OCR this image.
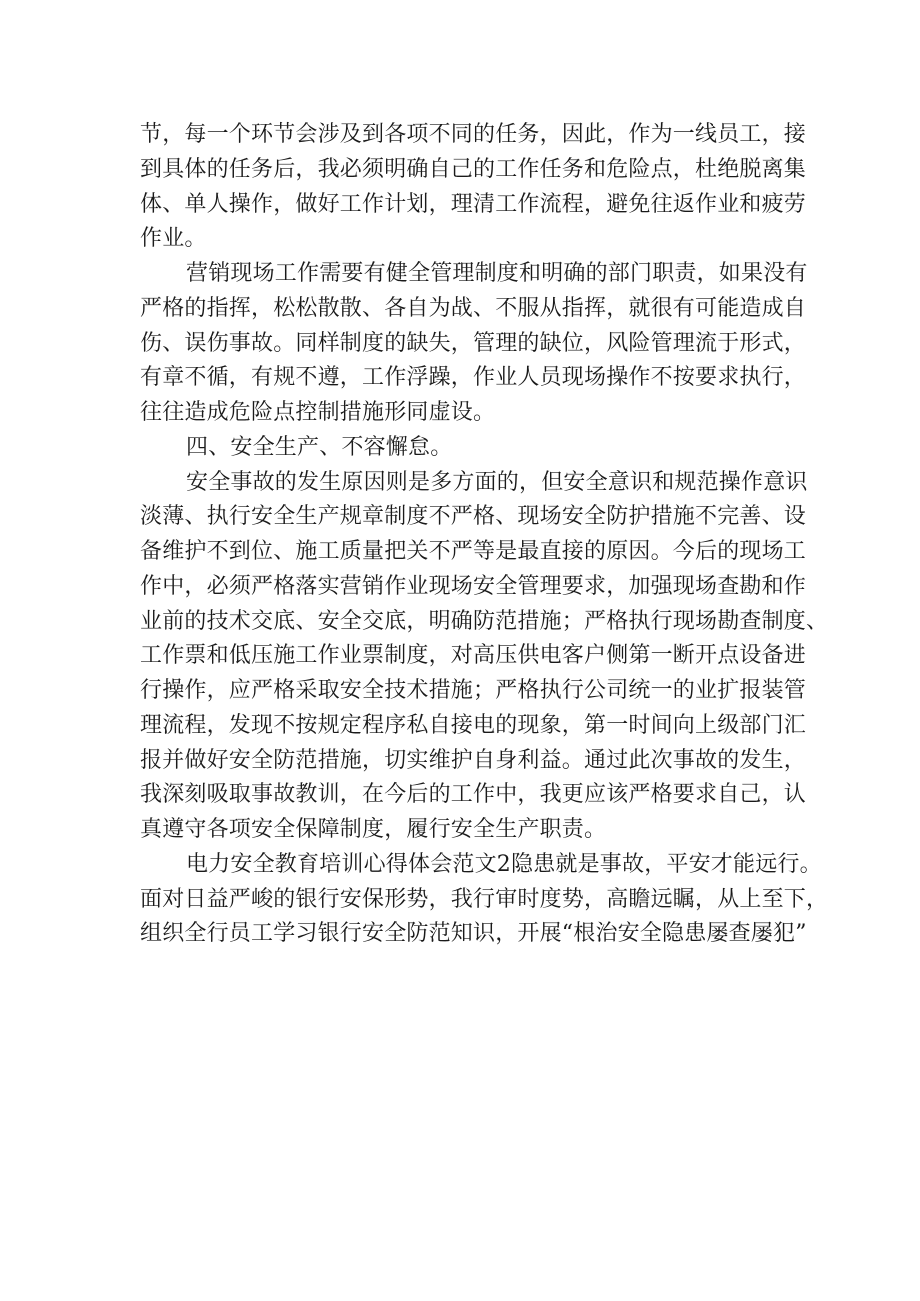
节，每一个环节会涉及到各项不同的任务，因此，作为一线员工，接
到具体的任务后，我必须明确自己的工作任务和危险点，杜绝脱离集
体、单人操作，做好工作计划，理清工作流程，避免往返作业和疲劳
作业。
营销现场工作需要有健全管理制度和明确的部门职责，如果没有
严格的指挥，松松散散、各自为战、不服从指挥，就很有可能造成自
伤、误伤事故。同样制度的缺失，管理的缺位，风险管理流于形式，
有章不循，有规不遵，工作浮躁，作业人员现场操作不按要求执行，
往往造成危险点控制措施形同虚设。
四、安全生产、不容懈怠。
安全事故的发生原因则是多方面的，但安全意识和规范操作意识
淡薄、执行安全生产规章制度不严格、现场安全防护措施不完善、设
备维护不到位、施工质量把关不严等是最直接的原因。今后的现场工
作中，必须严格落实营销作业现场安全管理要求，加强现场查勘和作
业前的技术交底、安全交底，明确防范措施；严格执行现场勘查制度、
工作票和低压施工作业票制度，对高压供电客户侧第一断开点设备进
行操作，应严格采取安全技术措施；严格执行公司统一的业扩报装管
理流程，发现不按规定程序私自接电的现象，第一时间向上级部门汇
报并做好安全防范措施，切实维护自身利益。通过此次事故的发生，
我深刻吸取事故教训，在今后的工作中，我更应该严格要求自己，认
真遵守各项安全保障制度，履行安全生产职责。
电力安全教育培训心得体会范文2隐患就是事故，平安才能远行。
面对日益严峻的银行安保形势，我行审时度势，高瞻远瞩，从上至下，
组织全行员工学习银行安全防范知识，开展“根治安全隐患屡查屡犯”
